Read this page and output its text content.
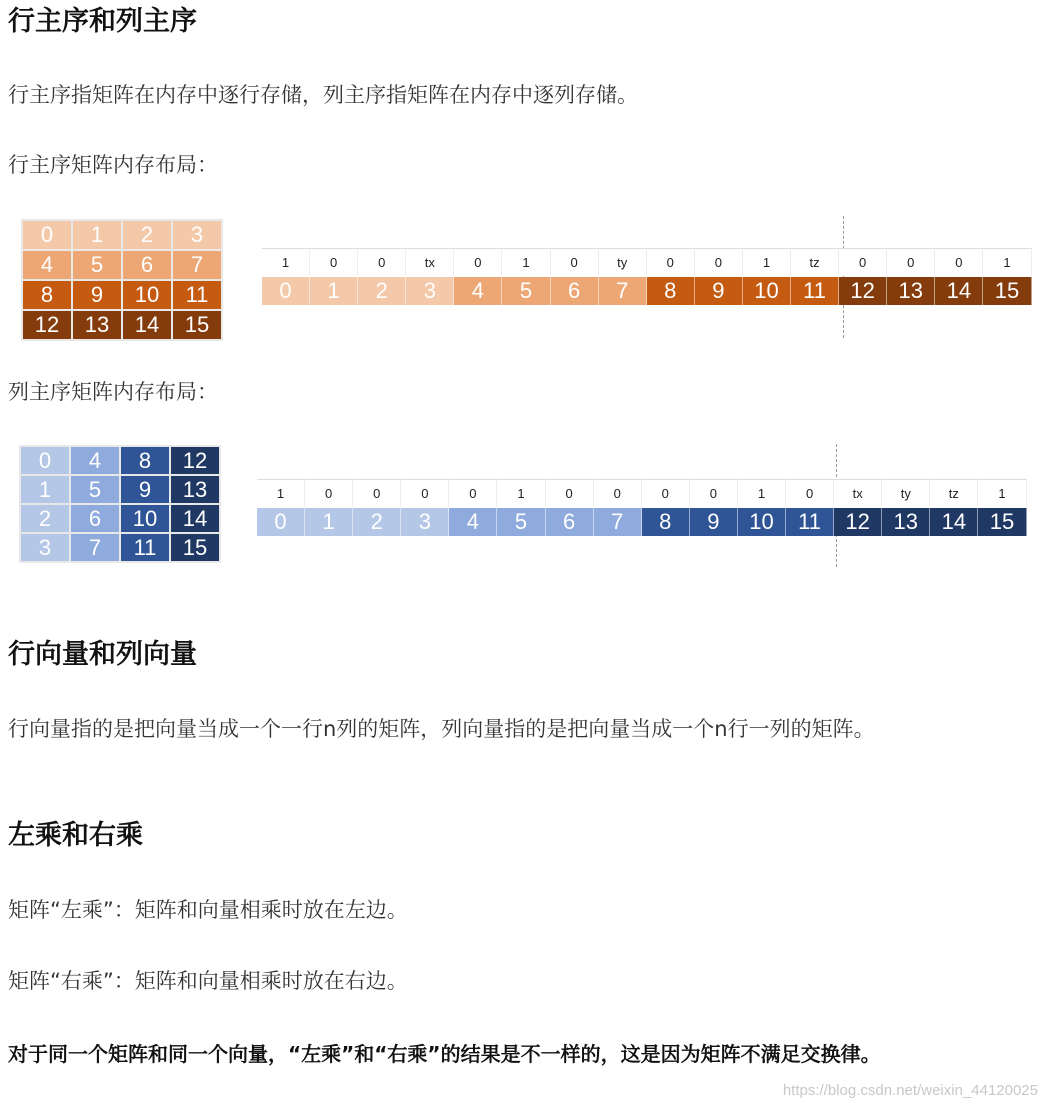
行主序和列主序

行主序指矩阵在内存中逐行存储，列主序指矩阵在内存中逐列存储。

行主序矩阵内存布局：

0	1	2	3
4	5	6	7
8	9	10	11
12	13	14	15
1	0	0	tx	0	1	0	ty	0	0	1	tz	0	0	0	1
0	1	2	3	4	5	6	7	8	9	10	11	12	13	14	15

列主序矩阵内存布局：

0	4	8	12
1	5	9	13
2	6	10	14
3	7	11	15
1	0	0	0	0	1	0	0	0	0	1	0	tx	ty	tz	1
0	1	2	3	4	5	6	7	8	9	10	11	12	13	14	15
行向量和列向量

行向量指的是把向量当成一个一行n列的矩阵，列向量指的是把向量当成一个n行一列的矩阵。

左乘和右乘

矩阵“左乘”：矩阵和向量相乘时放在左边。

矩阵“右乘”：矩阵和向量相乘时放在右边。

对于同一个矩阵和同一个向量，“左乘”和“右乘”的结果是不一样的，这是因为矩阵不满足交换律。

https://blog.csdn.net/weixin_44120025
